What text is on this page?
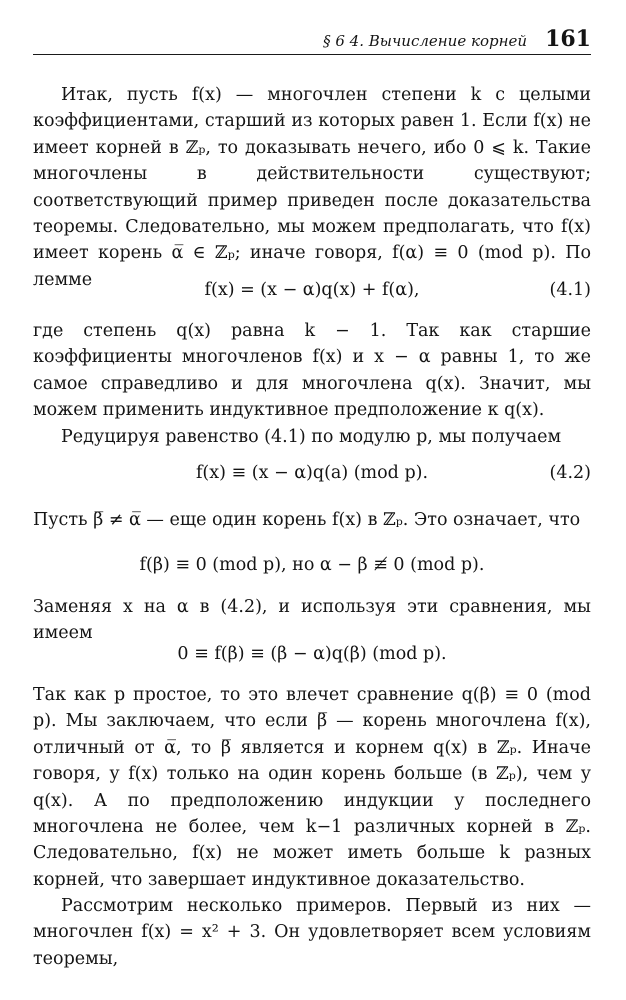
§ 6 4. Вычисление корней 161

Итак, пусть f(x) — многочлен степени k с целыми коэффициентами, старший из которых равен 1. Если f(x) не имеет корней в ℤₚ, то доказывать нечего, ибо 0 ⩽ k. Такие многочлены в действительности существуют; соответствующий пример приведен после доказательства теоремы. Следовательно, мы можем предполагать, что f(x) имеет корень α̅ ∈ ℤₚ; иначе говоря, f(α) ≡ 0 (mod p). По лемме

f(x) = (x − α)q(x) + f(α),	(4.1)

где степень q(x) равна k − 1. Так как старшие коэффициенты многочленов f(x) и x − α равны 1, то же самое справедливо и для многочлена q(x). Значит, мы можем применить индуктивное предположение к q(x).

Редуцируя равенство (4.1) по модулю p, мы получаем

f(x) ≡ (x − α)q(a) (mod p).	(4.2)

Пусть β̅ ≠ α̅ — еще один корень f(x) в ℤₚ. Это означает, что

f(β) ≡ 0 (mod p), но α − β ≢ 0 (mod p).

Заменяя x на α в (4.2), и используя эти сравнения, мы имеем

0 ≡ f(β) ≡ (β − α)q(β) (mod p).

Так как p простое, то это влечет сравнение q(β) ≡ 0 (mod p). Мы заключаем, что если β̅ — корень многочлена f(x), отличный от α̅, то β̅ является и корнем q(x) в ℤₚ. Иначе говоря, у f(x) только на один корень больше (в ℤₚ), чем у q(x). А по предположению индукции у последнего многочлена не более, чем k−1 различных корней в ℤₚ. Следовательно, f(x) не может иметь больше k разных корней, что завершает индуктивное доказательство.

Рассмотрим несколько примеров. Первый из них — многочлен f(x) = x² + 3. Он удовлетворяет всем условиям теоремы,
